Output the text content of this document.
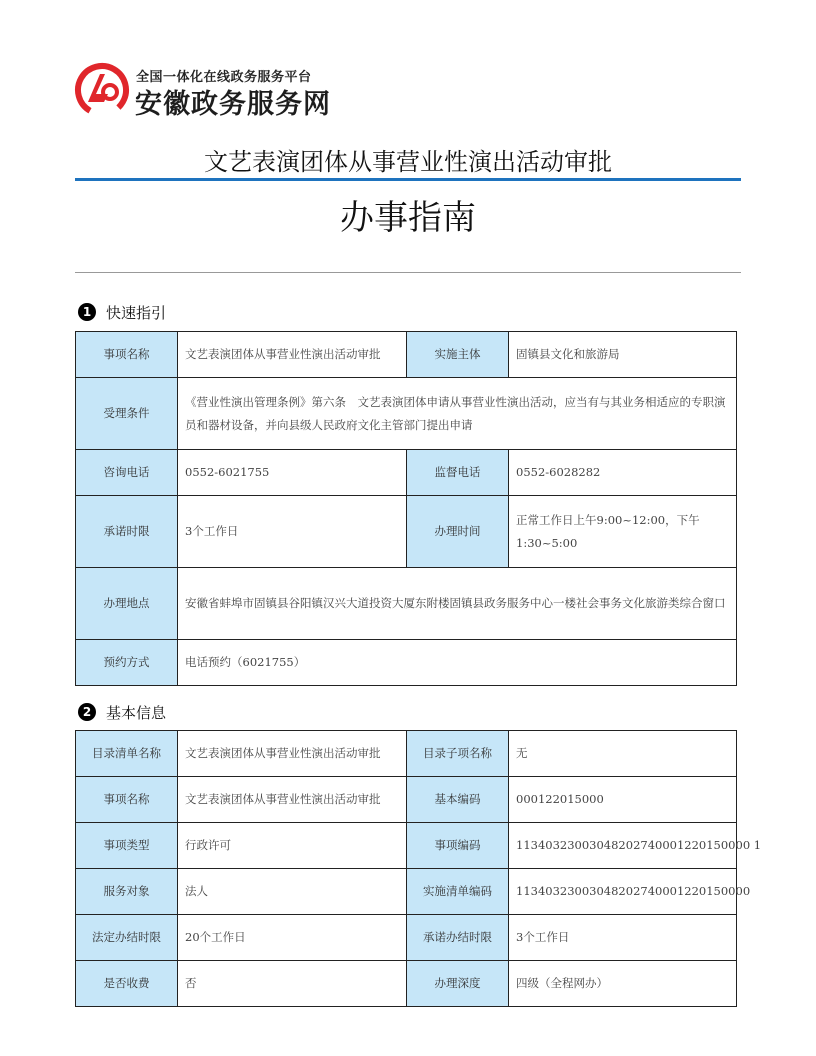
全国一体化在线政务服务平台
安徽政务服务网
文艺表演团体从事营业性演出活动审批
办事指南
1 快速指引
事项名称	文艺表演团体从事营业性演出活动审批	实施主体	固镇县文化和旅游局
受理条件	《营业性演出管理条例》第六条　文艺表演团体申请从事营业性演出活动，应当有与其业务相适应的专职演员和器材设备，并向县级人民政府文化主管部门提出申请		
咨询电话	0552-6021755	监督电话	0552-6028282
承诺时限	3个工作日	办理时间	正常工作日上午9:00~12:00，下午1:30~5:00
办理地点	安徽省蚌埠市固镇县谷阳镇汉兴大道投资大厦东附楼固镇县政务服务中心一楼社会事务文化旅游类综合窗口		
预约方式	电话预约（6021755）		
2 基本信息
目录清单名称	文艺表演团体从事营业性演出活动审批	目录子项名称	无
事项名称	文艺表演团体从事营业性演出活动审批	基本编码	000122015000
事项类型	行政许可	事项编码	11340323003048202740001220150000 1
服务对象	法人	实施清单编码	11340323003048202740001220150000
法定办结时限	20个工作日	承诺办结时限	3个工作日
是否收费	否	办理深度	四级（全程网办）
